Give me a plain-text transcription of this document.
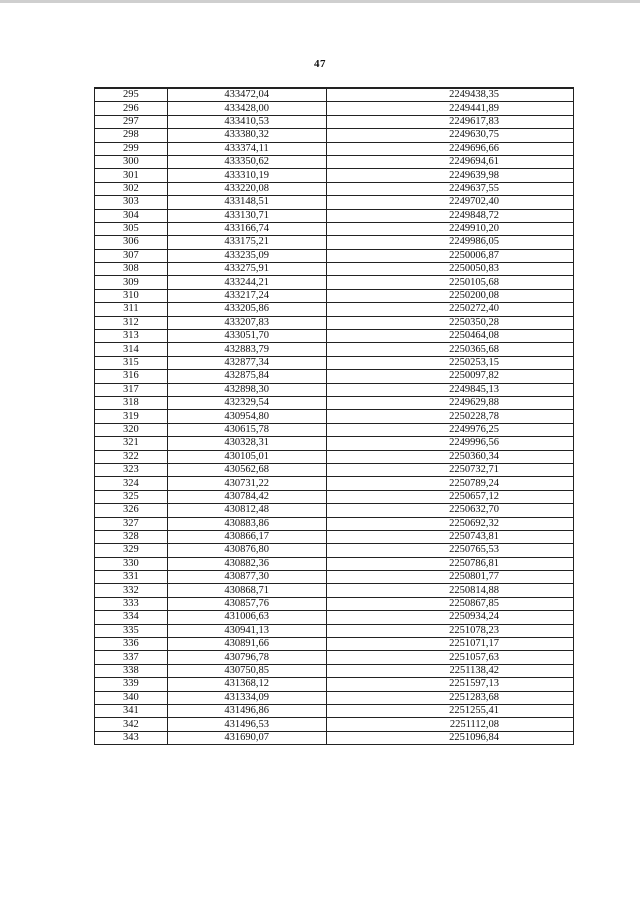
47
295	433472,04	2249438,35
296	433428,00	2249441,89
297	433410,53	2249617,83
298	433380,32	2249630,75
299	433374,11	2249696,66
300	433350,62	2249694,61
301	433310,19	2249639,98
302	433220,08	2249637,55
303	433148,51	2249702,40
304	433130,71	2249848,72
305	433166,74	2249910,20
306	433175,21	2249986,05
307	433235,09	2250006,87
308	433275,91	2250050,83
309	433244,21	2250105,68
310	433217,24	2250200,08
311	433205,86	2250272,40
312	433207,83	2250350,28
313	433051,70	2250464,08
314	432883,79	2250365,68
315	432877,34	2250253,15
316	432875,84	2250097,82
317	432898,30	2249845,13
318	432329,54	2249629,88
319	430954,80	2250228,78
320	430615,78	2249976,25
321	430328,31	2249996,56
322	430105,01	2250360,34
323	430562,68	2250732,71
324	430731,22	2250789,24
325	430784,42	2250657,12
326	430812,48	2250632,70
327	430883,86	2250692,32
328	430866,17	2250743,81
329	430876,80	2250765,53
330	430882,36	2250786,81
331	430877,30	2250801,77
332	430868,71	2250814,88
333	430857,76	2250867,85
334	431006,63	2250934,24
335	430941,13	2251078,23
336	430891,66	2251071,17
337	430796,78	2251057,63
338	430750,85	2251138,42
339	431368,12	2251597,13
340	431334,09	2251283,68
341	431496,86	2251255,41
342	431496,53	2251112,08
343	431690,07	2251096,84
